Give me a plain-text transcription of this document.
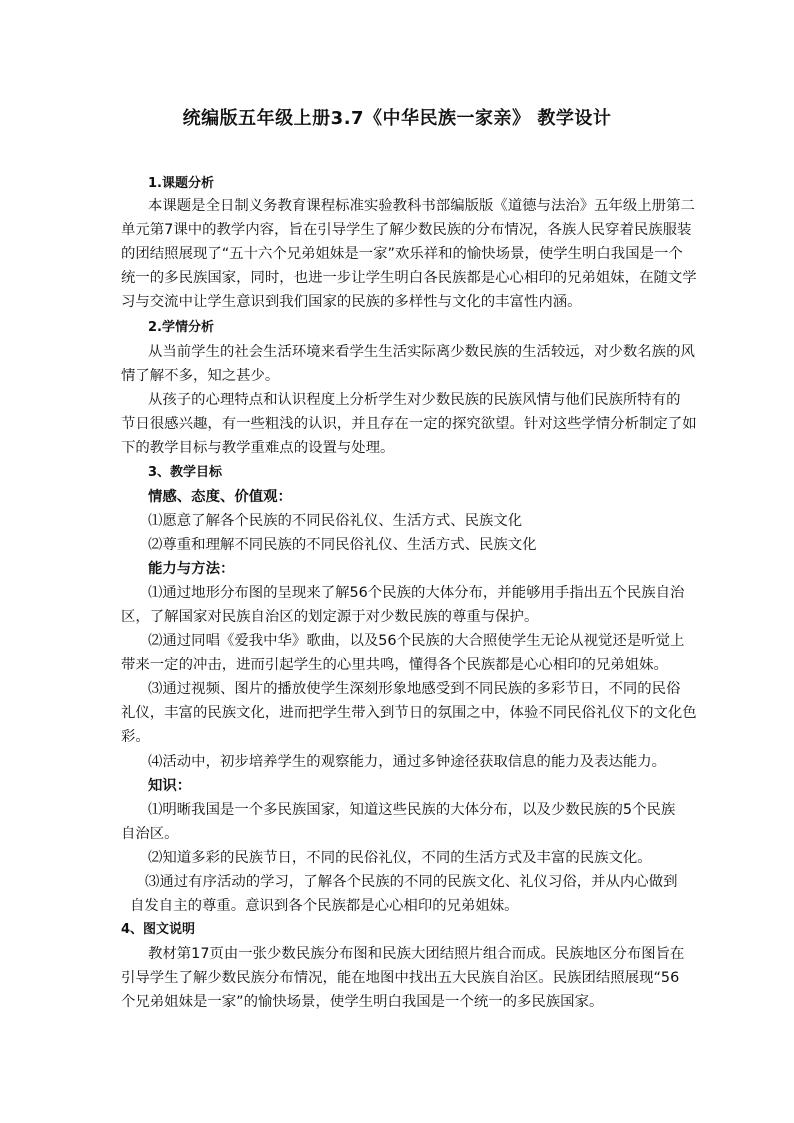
统编版五年级上册3.7《中华民族一家亲》 教学设计
1.课题分析
本课题是全日制义务教育课程标准实验教科书部编版版《道德与法治》五年级上册第二
单元第7课中的教学内容，旨在引导学生了解少数民族的分布情况，各族人民穿着民族服装
的团结照展现了“五十六个兄弟姐妹是一家”欢乐祥和的愉快场景，使学生明白我国是一个
统一的多民族国家，同时，也进一步让学生明白各民族都是心心相印的兄弟姐妹，在随文学
习与交流中让学生意识到我们国家的民族的多样性与文化的丰富性内涵。
2.学情分析
从当前学生的社会生活环境来看学生生活实际离少数民族的生活较远，对少数名族的风
情了解不多，知之甚少。
从孩子的心理特点和认识程度上分析学生对少数民族的民族风情与他们民族所特有的
节日很感兴趣，有一些粗浅的认识，并且存在一定的探究欲望。针对这些学情分析制定了如
下的教学目标与教学重难点的设置与处理。
3、教学目标
情感、态度、价值观：
⑴愿意了解各个民族的不同民俗礼仪、生活方式、民族文化
⑵尊重和理解不同民族的不同民俗礼仪、生活方式、民族文化
能力与方法：
⑴通过地形分布图的呈现来了解56个民族的大体分布，并能够用手指出五个民族自治
区，了解国家对民族自治区的划定源于对少数民族的尊重与保护。
⑵通过同唱《爱我中华》歌曲，以及56个民族的大合照使学生无论从视觉还是听觉上
带来一定的冲击，进而引起学生的心里共鸣，懂得各个民族都是心心相印的兄弟姐妹。
⑶通过视频、图片的播放使学生深刻形象地感受到不同民族的多彩节日，不同的民俗
礼仪，丰富的民族文化，进而把学生带入到节日的氛围之中，体验不同民俗礼仪下的文化色
彩。
⑷活动中，初步培养学生的观察能力，通过多钟途径获取信息的能力及表达能力。
知识：
⑴明晰我国是一个多民族国家，知道这些民族的大体分布，以及少数民族的5个民族
自治区。
⑵知道多彩的民族节日，不同的民俗礼仪，不同的生活方式及丰富的民族文化。
⑶通过有序活动的学习，了解各个民族的不同的民族文化、礼仪习俗，并从内心做到
自发自主的尊重。意识到各个民族都是心心相印的兄弟姐妹。
4、图文说明
教材第17页由一张少数民族分布图和民族大团结照片组合而成。民族地区分布图旨在
引导学生了解少数民族分布情况，能在地图中找出五大民族自治区。民族团结照展现“56
个兄弟姐妹是一家”的愉快场景，使学生明白我国是一个统一的多民族国家。
